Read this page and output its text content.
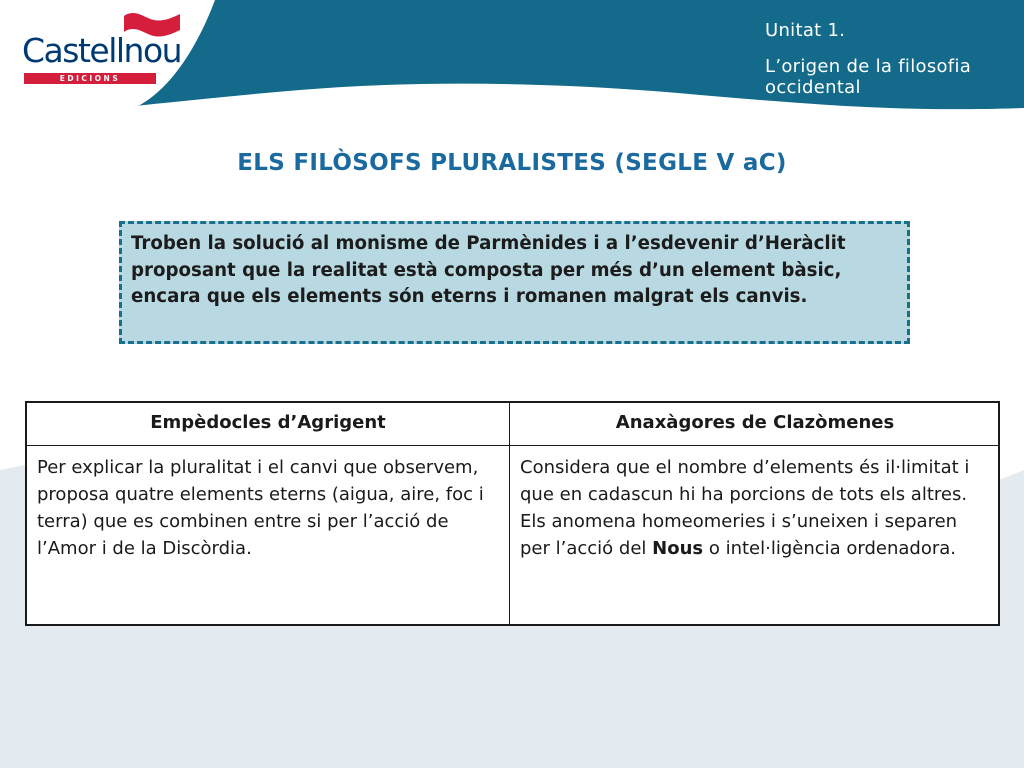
Castellnou
EDICIONS
Unitat 1.
L’origen de la filosofia occidental
ELS FILÒSOFS PLURALISTES (SEGLE V aC)
Troben la solució al monisme de Parmènides i a l’esdevenir d’Heràclit proposant que la realitat està composta per més d’un element bàsic, encara que els elements són eterns i romanen malgrat els canvis.
Empèdocles d’Agrigent	Anaxàgores de Clazòmenes
Per explicar la pluralitat i el canvi que observem, proposa quatre elements eterns (aigua, aire, foc i terra) que es combinen entre si per l’acció de l’Amor i de la Discòrdia.
Considera que el nombre d’elements és il·limitat i que en cadascun hi ha porcions de tots els altres. Els anomena homeomeries i s’uneixen i separen per l’acció del Nous o intel·ligència ordenadora.
